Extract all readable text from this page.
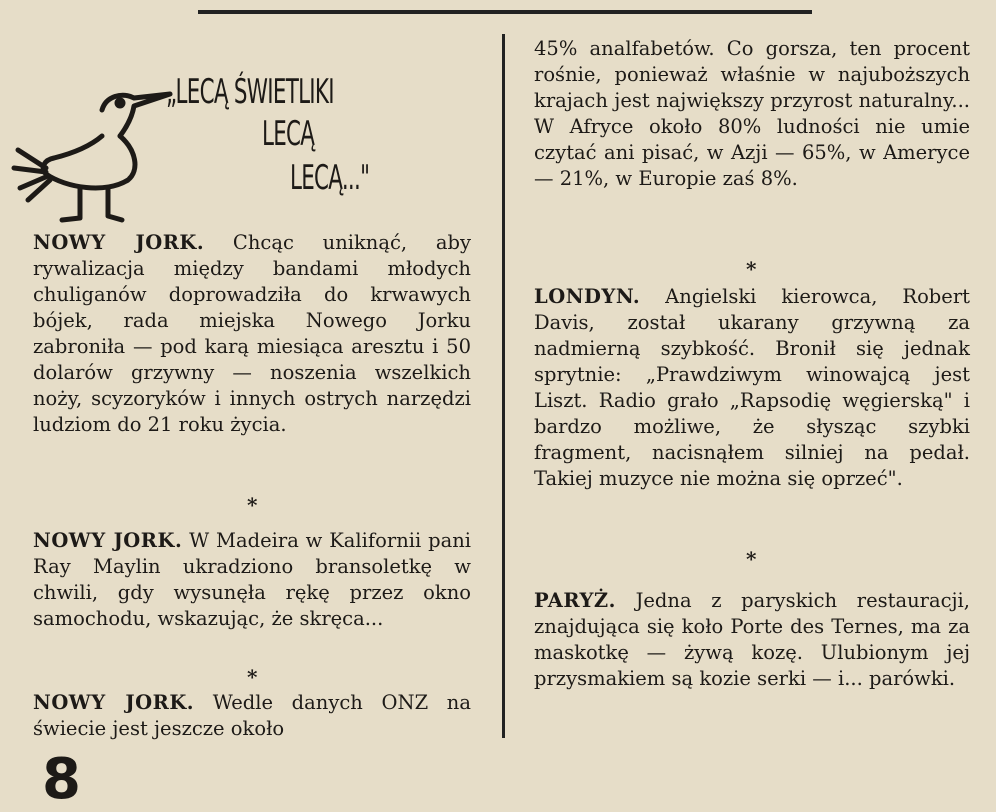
„LECĄ ŚWIETLIKI
LECĄ
LECĄ..."
NOWY JORK. Chcąc uniknąć, aby rywalizacja między bandami młodych chuliganów doprowadziła do krwawych bójek, rada miejska Nowego Jorku zabroniła — pod karą miesiąca aresztu i 50 dolarów grzywny — noszenia wszelkich noży, scyzoryków i innych ostrych narzędzi ludziom do 21 roku życia.
*
NOWY JORK. W Madeira w Kalifornii pani Ray Maylin ukradziono bransoletkę w chwili, gdy wysunęła rękę przez okno samochodu, wskazując, że skręca...
*
NOWY JORK. Wedle danych ONZ na świecie jest jeszcze około
45% analfabetów. Co gorsza, ten procent rośnie, ponieważ właśnie w najuboższych krajach jest największy przyrost naturalny... W Afryce około 80% ludności nie umie czytać ani pisać, w Azji — 65%, w Ameryce — 21%, w Europie zaś 8%.
*
LONDYN. Angielski kierowca, Robert Davis, został ukarany grzywną za nadmierną szybkość. Bronił się jednak sprytnie: „Prawdziwym winowajcą jest Liszt. Radio grało „Rapsodię węgierską" i bardzo możliwe, że słysząc szybki fragment, nacisnąłem silniej na pedał. Takiej muzyce nie można się oprzeć".
*
PARYŻ. Jedna z paryskich restauracji, znajdująca się koło Porte des Ternes, ma za maskotkę — żywą kozę. Ulubionym jej przysmakiem są kozie serki — i... parówki.
8
